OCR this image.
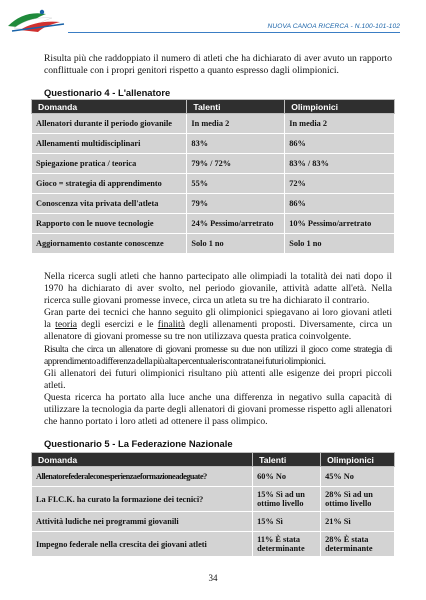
NUOVA CANOA RICERCA - N.100-101-102

Risulta più che raddoppiato il numero di atleti che ha dichiarato di aver avuto un rapporto conflittuale con i propri genitori rispetto a quanto espresso dagli olimpionici.

Questionario 4 - L'allenatore
Domanda	Talenti	Olimpionici
Allenatori durante il periodo giovanile	In media 2	In media 2
Allenamenti multidisciplinari	83%	86%
Spiegazione pratica / teorica	79% / 72%	83% / 83%
Gioco = strategia di apprendimento	55%	72%
Conoscenza vita privata dell'atleta	79%	86%
Rapporto con le nuove tecnologie	24% Pessimo/arretrato	10% Pessimo/arretrato
Aggiornamento costante conoscenze	Solo 1 no	Solo 1 no
Nella ricerca sugli atleti che hanno partecipato alle olimpiadi la totalità dei nati dopo il 1970 ha dichiarato di aver svolto, nel periodo giovanile, attività adatte all'età. Nella ricerca sulle giovani promesse invece, circa un atleta su tre ha dichiarato il contrario.
Gran parte dei tecnici che hanno seguito gli olimpionici spiegavano ai loro giovani atleti la teoria degli esercizi e le finalità degli allenamenti proposti. Diversamente, circa un allenatore di giovani promesse su tre non utilizzava questa pratica coinvolgente.
Risulta che circa un allenatore di giovani promesse su due non utilizzi il gioco come strategia di apprendimento a differenza della più alta percentuale riscontrata nei futuri olimpionici.
Gli allenatori dei futuri olimpionici risultano più attenti alle esigenze dei propri piccoli atleti.
Questa ricerca ha portato alla luce anche una differenza in negativo sulla capacità di utilizzare la tecnologia da parte degli allenatori di giovani promesse rispetto agli allenatori che hanno portato i loro atleti ad ottenere il pass olimpico.
Questionario 5 - La Federazione Nazionale
Domanda	Talenti	Olimpionici
Allenatore federale con esperienza e formazione adeguate?	60% No	45% No
La FI.C.K. ha curato la formazione dei tecnici?	15% Sì ad un ottimo livello	28% Sì ad un ottimo livello
Attività ludiche nei programmi giovanili	15% Sì	21% Sì
Impegno federale nella crescita dei giovani atleti	11% È stata determinante	28% È stata determinante
34
